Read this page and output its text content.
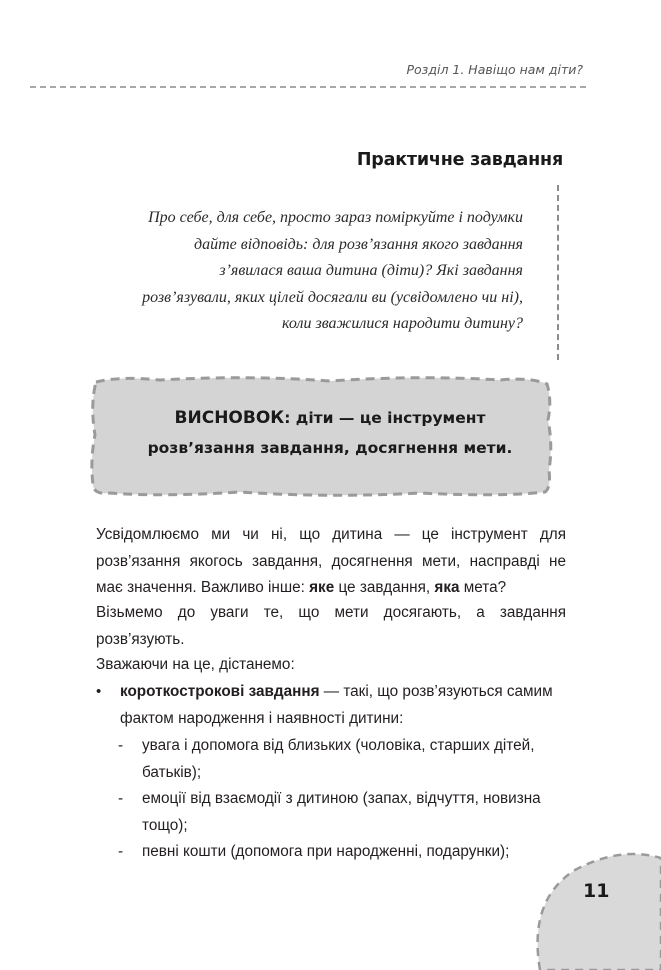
Розділ 1. Навіщо нам діти?
Практичне завдання

Про себе, для себе, просто зараз поміркуйте і подумки дайте відповідь: для розв’язання якого завдання з’явилася ваша дитина (діти)? Які завдання розв’язували, яких цілей досягали ви (усвідомлено чи ні), коли зважилися народити дитину?

ВИСНОВОК: діти — це інструмент
розв’язання завдання, досягнення мети.

Усвідомлюємо ми чи ні, що дитина — це інструмент для розв’язання якогось завдання, досягнення мети, насправді не має значення. Важливо інше: яке це завдання, яка мета?

Візьмемо до уваги те, що мети досягають, а завдання розв’язують.

Зважаючи на це, дістанемо:

• короткострокові завдання — такі, що розв’язуються самим фактом народження і наявності дитини:
- увага і допомога від близьких (чоловіка, старших дітей, батьків);
- емоції від взаємодії з дитиною (запах, відчуття, новизна тощо);
- певні кошти (допомога при народженні, подарунки);
11
